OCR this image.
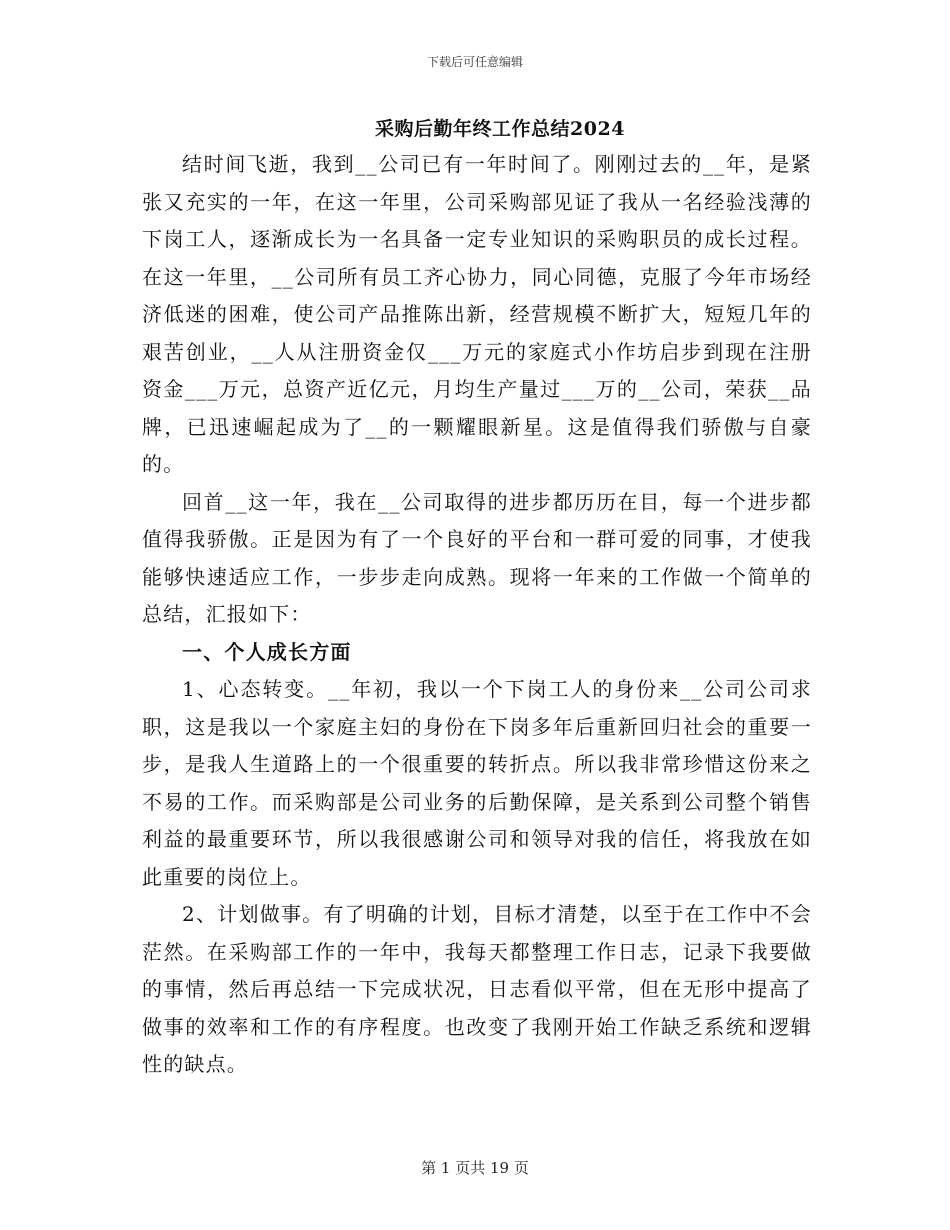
下载后可任意编辑
采购后勤年终工作总结2024

结时间飞逝，我到__公司已有一年时间了。刚刚过去的__年，是紧张又充实的一年，在这一年里，公司采购部见证了我从一名经验浅薄的下岗工人，逐渐成长为一名具备一定专业知识的采购职员的成长过程。在这一年里，__公司所有员工齐心协力，同心同德，克服了今年市场经济低迷的困难，使公司产品推陈出新，经营规模不断扩大，短短几年的艰苦创业，__人从注册资金仅___万元的家庭式小作坊启步到现在注册资金___万元，总资产近亿元，月均生产量过___万的__公司，荣获__品牌，已迅速崛起成为了__的一颗耀眼新星。这是值得我们骄傲与自豪的。

回首__这一年，我在__公司取得的进步都历历在目，每一个进步都值得我骄傲。正是因为有了一个良好的平台和一群可爱的同事，才使我能够快速适应工作，一步步走向成熟。现将一年来的工作做一个简单的总结，汇报如下：

一、个人成长方面

1、心态转变。__年初，我以一个下岗工人的身份来__公司公司求职，这是我以一个家庭主妇的身份在下岗多年后重新回归社会的重要一步，是我人生道路上的一个很重要的转折点。所以我非常珍惜这份来之不易的工作。而采购部是公司业务的后勤保障，是关系到公司整个销售利益的最重要环节，所以我很感谢公司和领导对我的信任，将我放在如此重要的岗位上。

2、计划做事。有了明确的计划，目标才清楚，以至于在工作中不会茫然。在采购部工作的一年中，我每天都整理工作日志，记录下我要做的事情，然后再总结一下完成状况，日志看似平常，但在无形中提高了做事的效率和工作的有序程度。也改变了我刚开始工作缺乏系统和逻辑性的缺点。

第 1 页共 19 页
